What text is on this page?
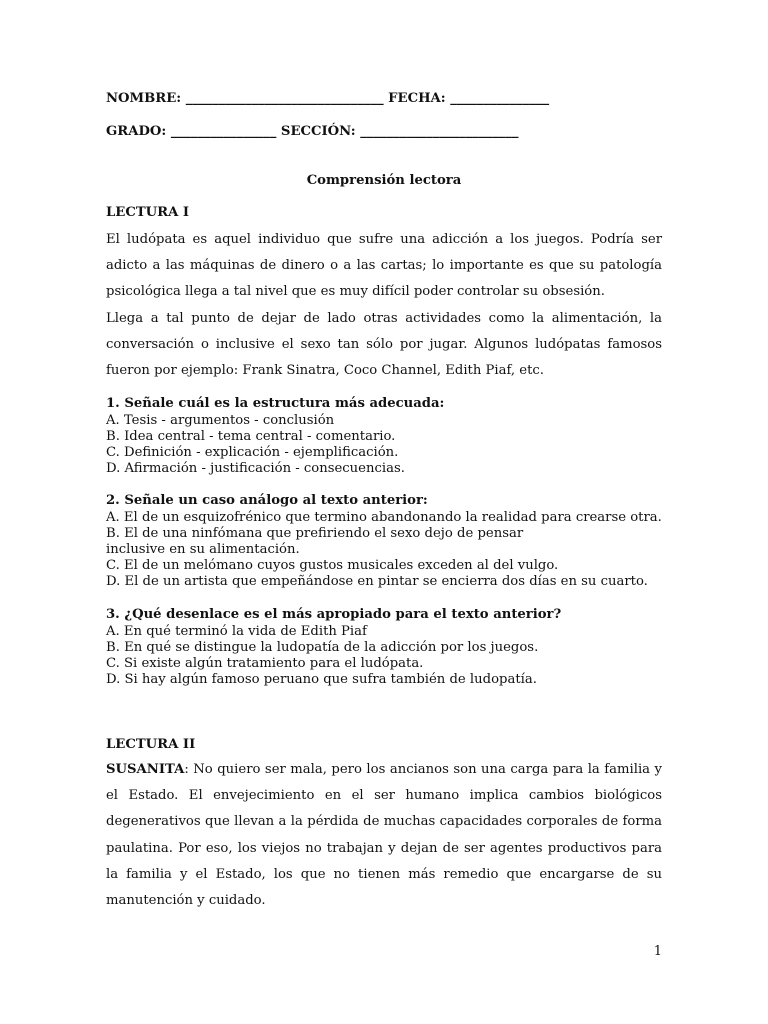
NOMBRE: ______________________________ FECHA: _______________
GRADO: ________________ SECCIÓN: ________________________
Comprensión lectora
LECTURA I
El ludópata es aquel individuo que sufre una adicción a los juegos. Podría ser adicto a las máquinas de dinero o a las cartas; lo importante es que su patología psicológica llega a tal nivel que es muy difícil poder controlar su obsesión.
Llega a tal punto de dejar de lado otras actividades como la alimentación, la conversación o inclusive el sexo tan sólo por jugar. Algunos ludópatas famosos fueron por ejemplo: Frank Sinatra, Coco Channel, Edith Piaf, etc.
1. Señale cuál es la estructura más adecuada:
A. Tesis - argumentos - conclusión
B. Idea central - tema central - comentario.
C. Definición - explicación - ejemplificación.
D. Afirmación - justificación - consecuencias.
2. Señale un caso análogo al texto anterior:
A. El de un esquizofrénico que termino abandonando la realidad para crearse otra.
B. El de una ninfómana que prefiriendo el sexo dejo de pensar inclusive en su alimentación.
C. El de un melómano cuyos gustos musicales exceden al del vulgo.
D. El de un artista que empeñándose en pintar se encierra dos días en su cuarto.
3. ¿Qué desenlace es el más apropiado para el texto anterior?
A. En qué terminó la vida de Edith Piaf
B. En qué se distingue la ludopatía de la adicción por los juegos.
C. Si existe algún tratamiento para el ludópata.
D. Si hay algún famoso peruano que sufra también de ludopatía.
LECTURA II
SUSANITA: No quiero ser mala, pero los ancianos son una carga para la familia y el Estado. El envejecimiento en el ser humano implica cambios biológicos degenerativos que llevan a la pérdida de muchas capacidades corporales de forma paulatina. Por eso, los viejos no trabajan y dejan de ser agentes productivos para la familia y el Estado, los que no tienen más remedio que encargarse de su manutención y cuidado.
1
